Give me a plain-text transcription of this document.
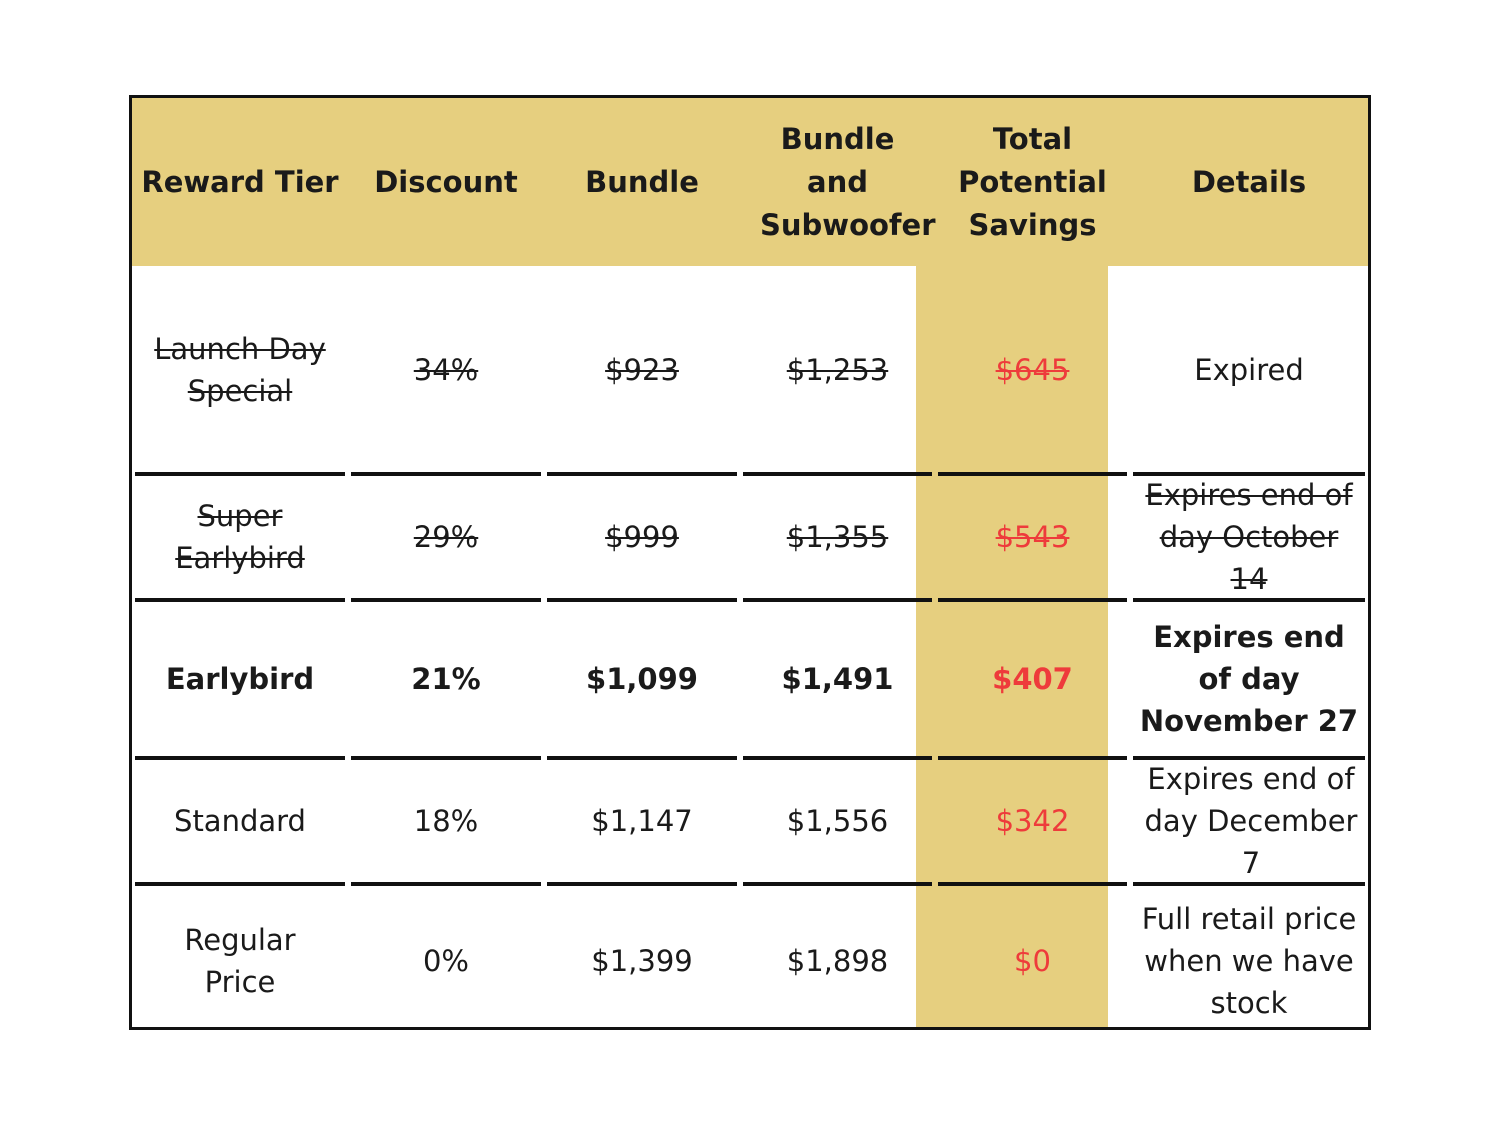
Reward Tier	Discount	Bundle	Bundle and Subwoofer	Total Potential Savings	Details
Launch Day Special	34%	$923	$1,253	$645	Expired

Super Earlybird	29%	$999	$1,355	$543	Expires end of day October 14

Earlybird	21%	$1,099	$1,491	$407	Expires end of day November 27

Standard	18%	$1,147	$1,556	$342	Expires end of day December 7

Regular Price	0%	$1,399	$1,898	$0	Full retail price when we have stock
